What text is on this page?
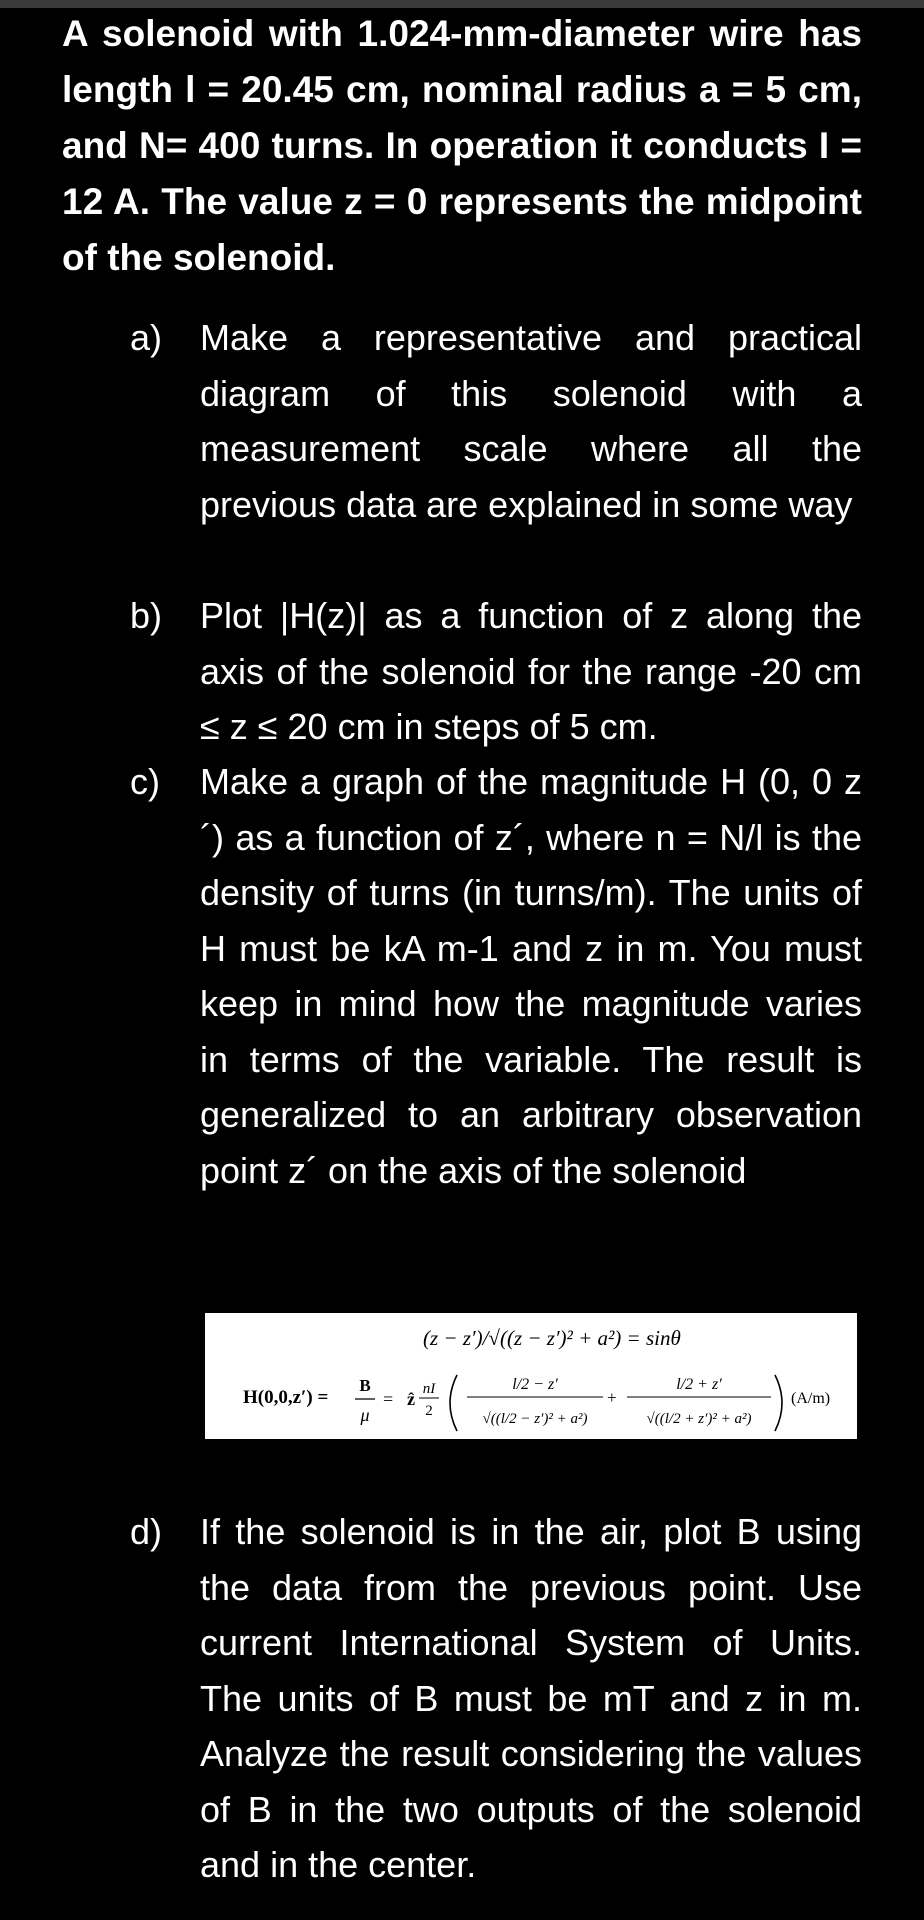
A solenoid with 1.024-mm-diameter wire has length l = 20.45 cm, nominal radius a = 5 cm, and N= 400 turns. In operation it conducts I = 12 A. The value z = 0 represents the midpoint of the solenoid.

a) Make a representative and practical diagram of this solenoid with a measurement scale where all the previous data are explained in some way

b) Plot |H(z)| as a function of z along the axis of the solenoid for the range -20 cm ≤ z ≤ 20 cm in steps of 5 cm.

c) Make a graph of the magnitude H (0, 0 z´) as a function of z´, where n = N/l is the density of turns (in turns/m). The units of H must be kA m-1 and z in m. You must keep in mind how the magnitude varies in terms of the variable. The result is generalized to an arbitrary observation point z´ on the axis of the solenoid

d) If the solenoid is in the air, plot B using the data from the previous point. Use current International System of Units. The units of B must be mT and z in m. Analyze the result considering the values of B in the two outputs of the solenoid and in the center.

(z − z′)/√((z − z′)² + a²) = sinθ
H(0,0,z′) =
B
μ
= ẑ nI
2
l/2 − z′
√((l/2 − z′)² + a²)
+
l/2 + z′
√((l/2 + z′)² + a²)
(A/m)
